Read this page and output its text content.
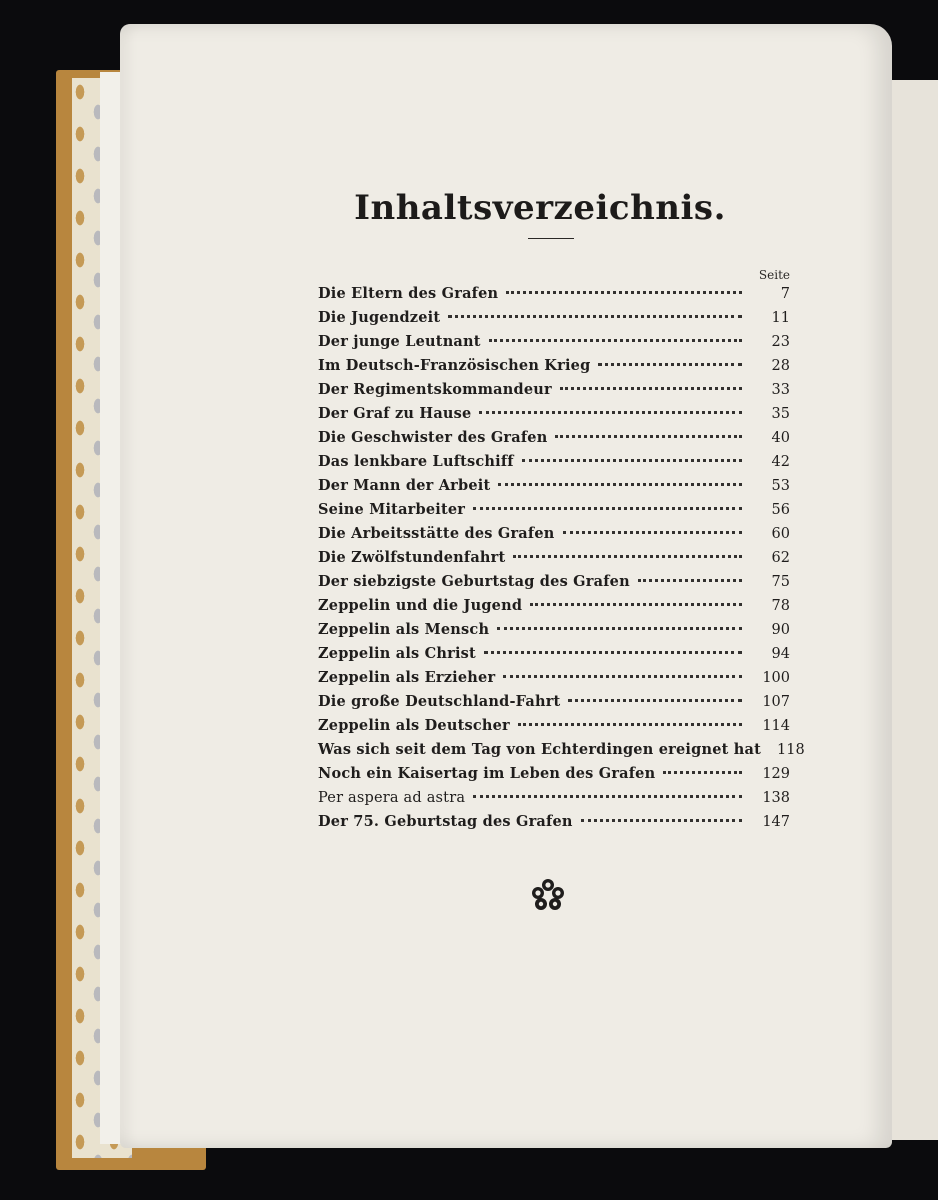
Inhaltsverzeichnis.
Seite
Die Eltern des Grafen	7
Die Jugendzeit	11
Der junge Leutnant	23
Im Deutsch-Französischen Krieg	28
Der Regimentskommandeur	33
Der Graf zu Hause	35
Die Geschwister des Grafen	40
Das lenkbare Luftschiff	42
Der Mann der Arbeit	53
Seine Mitarbeiter	56
Die Arbeitsstätte des Grafen	60
Die Zwölfstundenfahrt	62
Der siebzigste Geburtstag des Grafen	75
Zeppelin und die Jugend	78
Zeppelin als Mensch	90
Zeppelin als Christ	94
Zeppelin als Erzieher	100
Die große Deutschland-Fahrt	107
Zeppelin als Deutscher	114
Was sich seit dem Tag von Echterdingen ereignet hat	118
Noch ein Kaisertag im Leben des Grafen	129
Per aspera ad astra	138
Der 75. Geburtstag des Grafen	147
